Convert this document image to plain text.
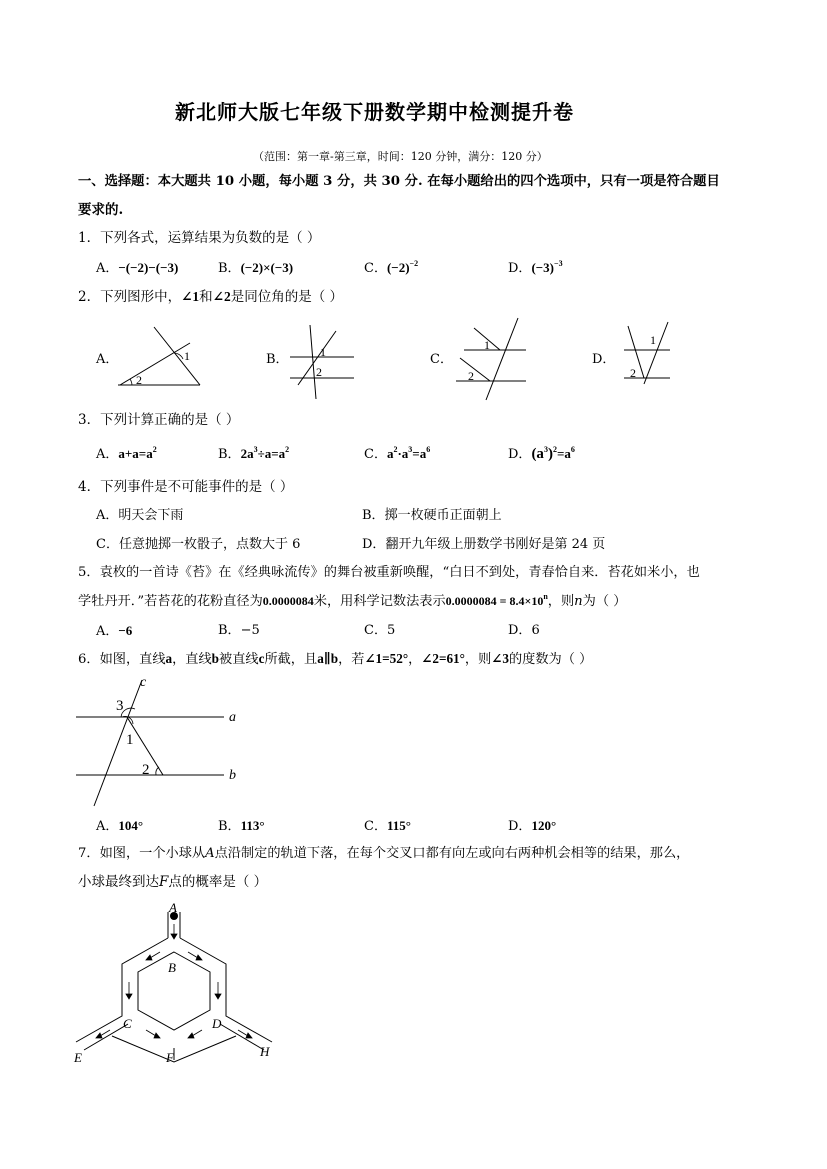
新北师大版七年级下册数学期中检测提升卷
（范围：第一章-第三章，时间：120 分钟，满分：120 分）
一、选择题：本大题共 10 小题，每小题 3 分，共 30 分. 在每小题给出的四个选项中，只有一项是符合题目
要求的.
1．下列各式，运算结果为负数的是（ ）
A．−(−2)−(−3)	B．(−2)×(−3)	C．$(-2)^{-2}$	D．$(-3)^{-3}$
2．下列图形中，∠1和∠2是同位角的是（ ）
A．	1
2
B．	1
2
C．
1
2
D．
1
2
3．下列计算正确的是（ ）
A．$a+a=a^2$	B．$2a^3\div a=a^2$	C．$a^2\cdot a^3=a^6$	D．$(a^3)^2=a^6$
4．下列事件是不可能事件的是（ ）
A．明天会下雨	B．掷一枚硬币正面朝上
C．任意抛掷一枚骰子，点数大于 6	D．翻开九年级上册数学书刚好是第 24 页
5．袁枚的一首诗《苔》在《经典咏流传》的舞台被重新唤醒，“白日不到处，青春恰自来．苔花如米小，也
学牡丹开．”若苔花的花粉直径为0.0000084米，用科学记数法表示$0.0000084 = 8.4\times 10^n$，则n为（ ）
A．−6	B．−5	C．5	D．6
6．如图，直线a，直线b被直线c所截，且a∥b，若∠1=52°，∠2=61°，则∠3的度数为（ ）
c
a
b
3
1
2
A．104°	B．113°	C．115°	D．120°
7．如图，一个小球从A点沿制定的轨道下落，在每个交叉口都有向左或向右两种机会相等的结果，那么，
小球最终到达F点的概率是（ ）
A
B
C	D
E	F	H
